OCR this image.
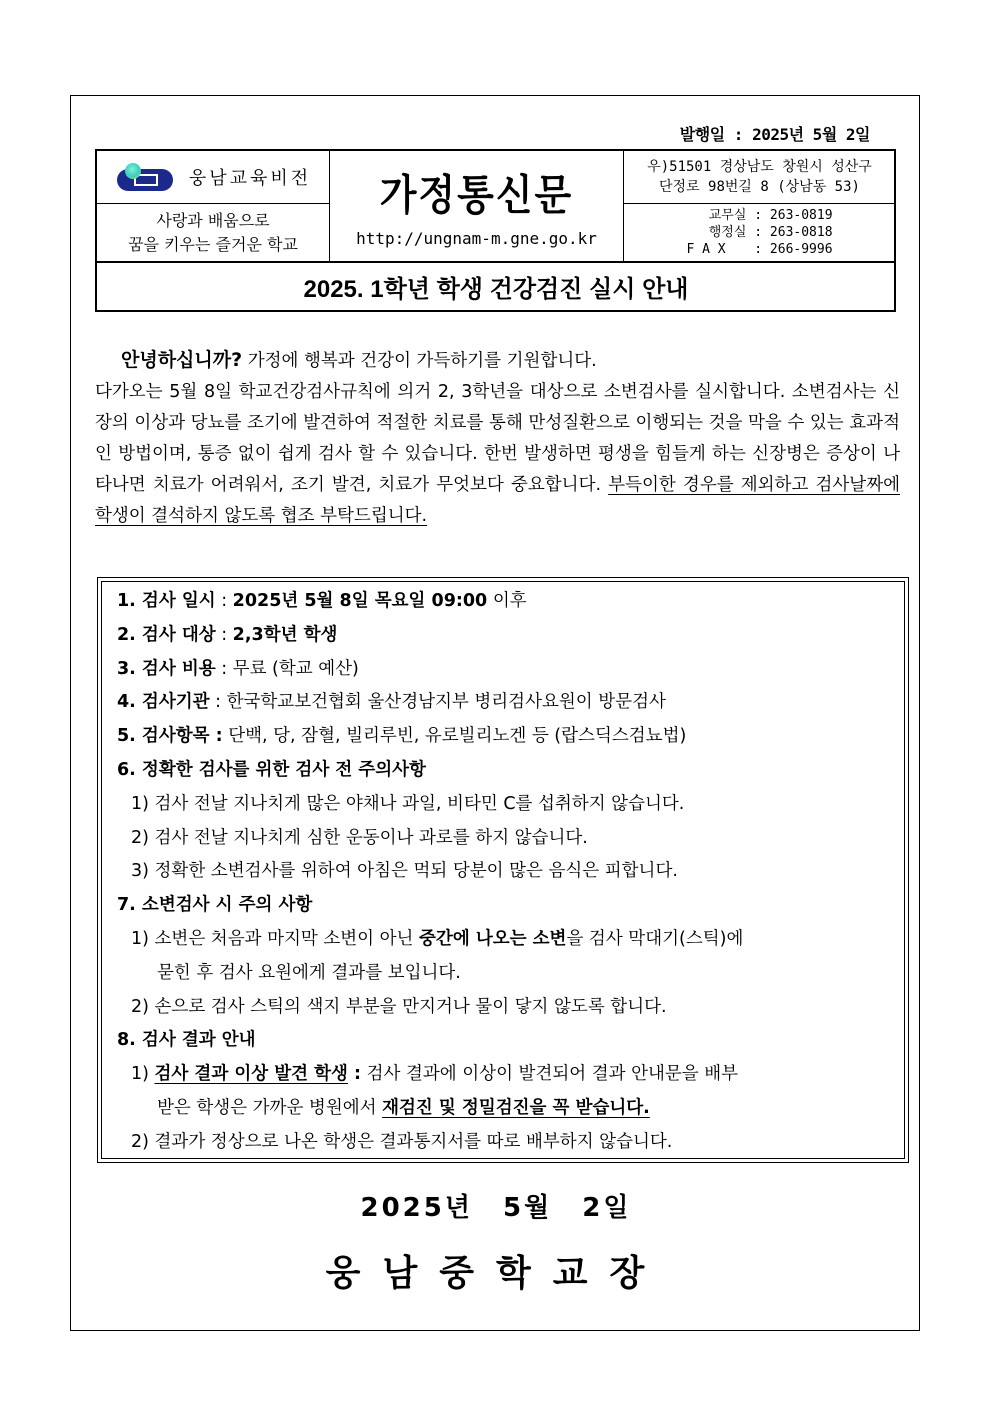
발행일 : 2025년 5월 2일
웅남교육비전
사랑과 배움으로
꿈을 키우는 즐거운 학교
가정통신문
http://ungnam-m.gne.go.kr
우)51501 경상남도 창원시 성산구
단정로 98번길 8 (상남동 53)
교무실 : 263-0819
행정실 : 263-0818
F A X : 266-9996
2025. 1학년 학생 건강검진 실시 안내

안녕하십니까? 가정에 행복과 건강이 가득하기를 기원합니다.

다가오는 5월 8일 학교건강검사규칙에 의거 2, 3학년을 대상으로 소변검사를 실시합니다. 소변검사는 신장의 이상과 당뇨를 조기에 발견하여 적절한 치료를 통해 만성질환으로 이행되는 것을 막을 수 있는 효과적인 방법이며, 통증 없이 쉽게 검사 할 수 있습니다. 한번 발생하면 평생을 힘들게 하는 신장병은 증상이 나타나면 치료가 어려워서, 조기 발견, 치료가 무엇보다 중요합니다. 부득이한 경우를 제외하고 검사날짜에 학생이 결석하지 않도록 협조 부탁드립니다.

1. 검사 일시 : 2025년 5월 8일 목요일 09:00 이후
2. 검사 대상 : 2,3학년 학생
3. 검사 비용 : 무료 (학교 예산)
4. 검사기관 : 한국학교보건협회 울산경남지부 병리검사요원이 방문검사
5. 검사항목 : 단백, 당, 잠혈, 빌리루빈, 유로빌리노겐 등 (랍스딕스검뇨법)
6. 정확한 검사를 위한 검사 전 주의사항
1) 검사 전날 지나치게 많은 야채나 과일, 비타민 C를 섭취하지 않습니다.
2) 검사 전날 지나치게 심한 운동이나 과로를 하지 않습니다.
3) 정확한 소변검사를 위하여 아침은 먹되 당분이 많은 음식은 피합니다.
7. 소변검사 시 주의 사항
1) 소변은 처음과 마지막 소변이 아닌 중간에 나오는 소변을 검사 막대기(스틱)에
묻힌 후 검사 요원에게 결과를 보입니다.
2) 손으로 검사 스틱의 색지 부분을 만지거나 물이 닿지 않도록 합니다.
8. 검사 결과 안내
1) 검사 결과 이상 발견 학생 : 검사 결과에 이상이 발견되어 결과 안내문을 배부
받은 학생은 가까운 병원에서 재검진 및 정밀검진을 꼭 받습니다.
2) 결과가 정상으로 나온 학생은 결과통지서를 따로 배부하지 않습니다.
2025년 5월 2일
웅남중학교장
